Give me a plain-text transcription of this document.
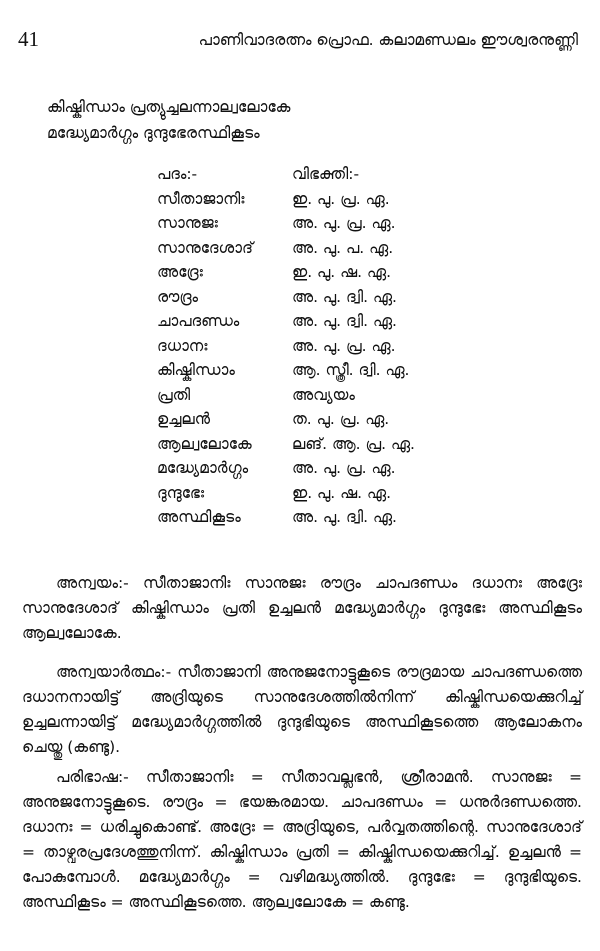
41	പാണിവാദരത്നം പ്രൊഫ. കലാമണ്ഡലം ഈശ്വരനുണ്ണി
കിഷ്കിന്ധാം പ്രത്യുച്ചലന്നാല്വലോകേ
മദ്ധ്യേമാർഗ്ഗം ദുന്ദുഭേരസ്ഥികൂടം
പദം:-	വിഭക്തി:-
സീതാജാനിഃ	ഇ. പു. പ്ര. ഏ.
സാനുജഃ	അ. പു. പ്ര. ഏ.
സാനുദേശാദ്	അ. പു. പ. ഏ.
അദ്രേഃ	ഇ. പു. ഷ. ഏ.
രൗദ്രം	അ. പു. ദ്വി. ഏ.
ചാപദണ്ഡം	അ. പു. ദ്വി. ഏ.
ദധാനഃ	അ. പു. പ്ര. ഏ.
കിഷ്കിന്ധാം	ആ. സ്ത്രീ. ദ്വി. ഏ.
പ്രതി	അവ്യയം
ഉച്ചലൻ	ത. പു. പ്ര. ഏ.
ആല്വലോകേ	ലങ്. ആ. പ്ര. ഏ.
മദ്ധ്യേമാർഗ്ഗം	അ. പു. പ്ര. ഏ.
ദുന്ദുഭേഃ	ഇ. പു. ഷ. ഏ.
അസ്ഥികൂടം	അ. പു. ദ്വി. ഏ.

അന്വയം:- സീതാജാനിഃ സാനുജഃ രൗദ്രം ചാപദണ്ഡം ദധാനഃ അദ്രേഃ സാനുദേശാദ് കിഷ്കിന്ധാം പ്രതി ഉച്ചലൻ മദ്ധ്യേമാർഗ്ഗം ദുന്ദുഭേഃ അസ്ഥികൂടം ആല്വലോകേ.

അന്വയാർത്ഥം:- സീതാജാനി അനുജനോട്ടുകൂടെ രൗദ്രമായ ചാപദണ്ഡത്തെ ദധാനനായിട്ട് അദ്രിയുടെ സാനുദേശത്തിൽനിന്ന് കിഷ്കിന്ധയെക്കുറിച്ച് ഉച്ചലന്നായിട്ട് മദ്ധ്യേമാർഗ്ഗത്തിൽ ദുന്ദുഭിയുടെ അസ്ഥികൂടത്തെ ആലോകനം ചെയ്തു (കണ്ടു).

പരിഭാഷ:- സീതാജാനിഃ = സീതാവല്ലഭൻ, ശ്രീരാമൻ. സാനുജഃ = അനുജനോട്ടുകൂടെ. രൗദ്രം = ഭയങ്കരമായ. ചാപദണ്ഡം = ധനുർദണ്ഡത്തെ. ദധാനഃ = ധരിച്ചുകൊണ്ട്. അദ്രേഃ = അദ്രിയുടെ, പർവ്വതത്തിന്റെ. സാനുദേശാദ് = താഴ്വരപ്രദേശത്തുനിന്ന്. കിഷ്കിന്ധാം പ്രതി = കിഷ്കിന്ധയെക്കുറിച്ച്. ഉച്ചലൻ = പോകുമ്പോൾ. മദ്ധ്യേമാർഗ്ഗം = വഴിമദ്ധ്യത്തിൽ. ദുന്ദുഭേഃ = ദുന്ദുഭിയുടെ. അസ്ഥികൂടം = അസ്ഥികൂടത്തെ. ആല്വലോകേ = കണ്ടു.
